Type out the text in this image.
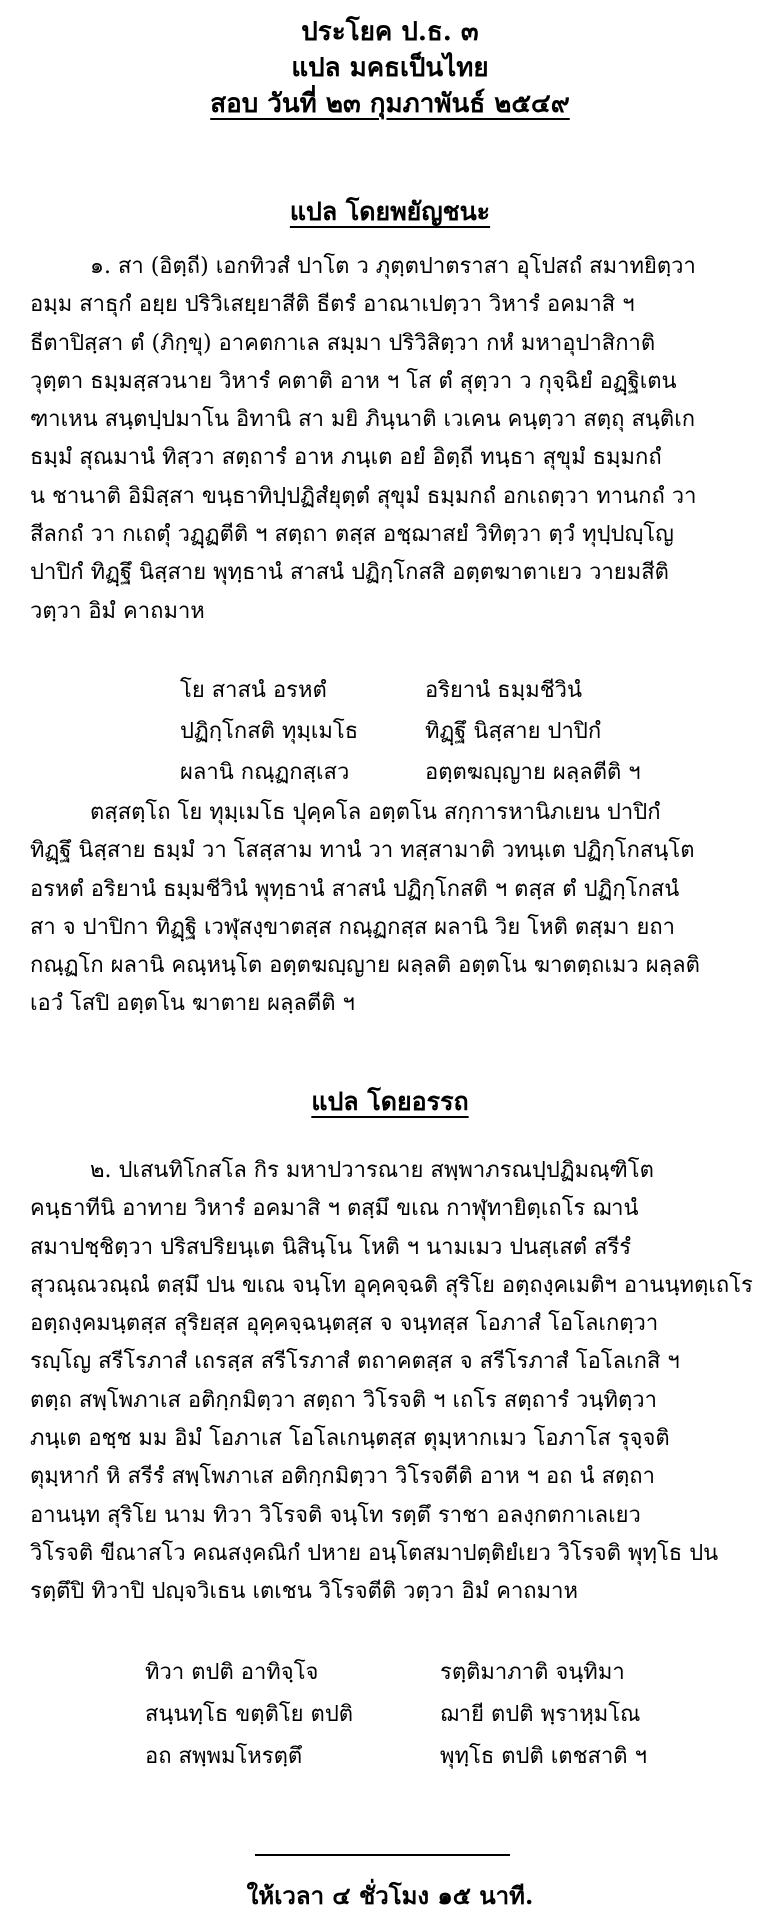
ประโยค ป.ธ. ๓
แปล มคธเป็นไทย
สอบ วันที่ ๒๓ กุมภาพันธ์ ๒๕๔๙
แปล โดยพยัญชนะ
๑. สา (อิตฺถี) เอกทิวสํ ปาโต ว ภุตฺตปาตราสา อุโปสถํ สมาทยิตฺวา
อมฺม สาธุกํ อยฺย ปริวิเสยฺยาสีติ ธีตรํ อาณาเปตฺวา วิหารํ อคมาสิ ฯ
ธีตาปิสฺสา ตํ (ภิกฺขุ) อาคตกาเล สมฺมา ปริวิสิตฺวา กหํ มหาอุปาสิกาติ
วุตฺตา ธมฺมสฺสวนาย วิหารํ คตาติ อาห ฯ โส ตํ สุตฺวา ว กุจฺฉิยํ อฏฺฐิเตน
ฑาเหน สนฺตปฺปมาโน อิทานิ สา มยิ ภินฺนาติ เวเคน คนฺตฺวา สตฺถุ สนฺติเก
ธมฺมํ สุณมานํ ทิสฺวา สตฺถารํ อาห ภนฺเต อยํ อิตฺถี ทนฺธา สุขุมํ ธมฺมกถํ
น ชานาติ อิมิสฺสา ขนฺธาทิปฺปฏิสํยุตฺตํ สุขุมํ ธมฺมกถํ อกเถตฺวา ทานกถํ วา
สีลกถํ วา กเถตุํ วฏฺฏตีติ ฯ สตฺถา ตสฺส อชฺฌาสยํ วิทิตฺวา ตฺวํ ทุปฺปญฺโญ
ปาปิกํ ทิฏฺฐึ นิสฺสาย พุทฺธานํ สาสนํ ปฏิกฺโกสสิ อตฺตฆาตาเยว วายมสีติ
วตฺวา อิมํ คาถมาห
โย สาสนํ อรหตํ	อริยานํ ธมฺมชีวินํ
ปฏิกฺโกสติ ทุมฺเมโธ	ทิฏฺฐึ นิสฺสาย ปาปิกํ
ผลานิ กณฺฏกสฺเสว	อตฺตฆญฺญาย ผลฺลตีติ ฯ
ตสฺสตฺโถ โย ทุมฺเมโธ ปุคฺคโล อตฺตโน สกฺการหานิภเยน ปาปิกํ
ทิฏฺฐึ นิสฺสาย ธมฺมํ วา โสสฺสาม ทานํ วา ทสฺสามาติ วทนฺเต ปฏิกฺโกสนฺโต
อรหตํ อริยานํ ธมฺมชีวินํ พุทฺธานํ สาสนํ ปฏิกฺโกสติ ฯ ตสฺส ตํ ปฏิกฺโกสนํ
สา จ ปาปิกา ทิฏฺฐิ เวฬุสงฺขาตสฺส กณฺฏกสฺส ผลานิ วิย โหติ ตสฺมา ยถา
กณฺฏโก ผลานิ คณฺหนฺโต อตฺตฆญฺญาย ผลฺลติ อตฺตโน ฆาตตฺถเมว ผลฺลติ
เอวํ โสปิ อตฺตโน ฆาตาย ผลฺลตีติ ฯ
แปล โดยอรรถ
๒. ปเสนทิโกสโล กิร มหาปวารณาย สพฺพาภรณปฺปฏิมณฺฑิโต
คนฺธาทีนิ อาทาย วิหารํ อคมาสิ ฯ ตสฺมึ ขเณ กาฬุทายิตฺเถโร ฌานํ
สมาปชฺชิตฺวา ปริสปริยนฺเต นิสินฺโน โหติ ฯ นามเมว ปนสฺเสตํ สรีรํ
สุวณฺณวณฺณํ ตสฺมึ ปน ขเณ จนฺโท อุคฺคจฺฉติ สุริโย อตฺถงฺคเมติฯ อานนฺทตฺเถโร
อตฺถงฺคมนฺตสฺส สุริยสฺส อุคฺคจฺฉนฺตสฺส จ จนฺทสฺส โอภาสํ โอโลเกตฺวา
รญฺโญ สรีโรภาสํ เถรสฺส สรีโรภาสํ ตถาคตสฺส จ สรีโรภาสํ โอโลเกสิ ฯ
ตตฺถ สพฺโพภาเส อติกฺกมิตฺวา สตฺถา วิโรจติ ฯ เถโร สตฺถารํ วนฺทิตฺวา
ภนฺเต อชฺช มม อิมํ โอภาเส โอโลเกนฺตสฺส ตุมฺหากเมว โอภาโส รุจฺจติ
ตุมฺหากํ หิ สรีรํ สพฺโพภาเส อติกฺกมิตฺวา วิโรจตีติ อาห ฯ อถ นํ สตฺถา
อานนฺท สุริโย นาม ทิวา วิโรจติ จนฺโท รตฺตึ ราชา อลงฺกตกาเลเยว
วิโรจติ ขีณาสโว คณสงฺคณิกํ ปหาย อนฺโตสมาปตฺติยํเยว วิโรจติ พุทฺโธ ปน
รตฺตึปิ ทิวาปิ ปญฺจวิเธน เตเชน วิโรจตีติ วตฺวา อิมํ คาถมาห
ทิวา ตปติ อาทิจฺโจ	รตฺติมาภาติ จนฺทิมา
สนฺนทฺโธ ขตฺติโย ตปติ	ฌายี ตปติ พฺราหฺมโณ
อถ สพฺพมโหรตฺตึ	พุทฺโธ ตปติ เตชสาติ ฯ
ให้เวลา ๔ ชั่วโมง ๑๕ นาที.
